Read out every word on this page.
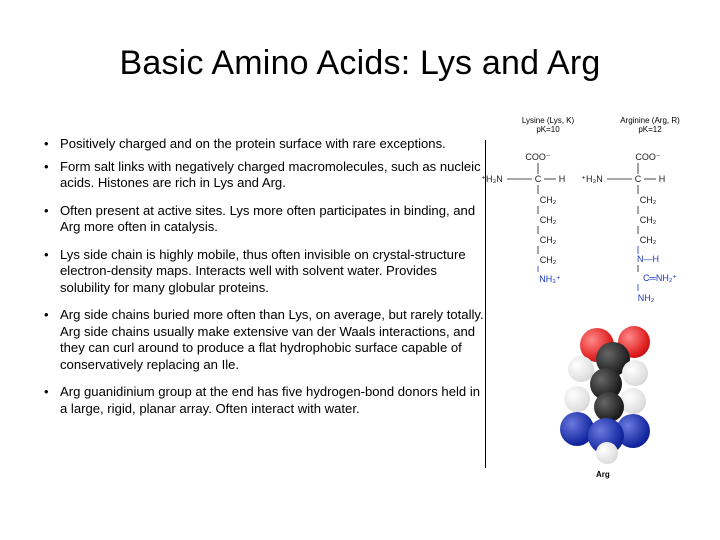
Basic Amino Acids: Lys and Arg
• Positively charged and on the protein surface with rare exceptions.
• Form salt links with negatively charged macromolecules, such as nucleic acids. Histones are rich in Lys and Arg.
• Often present at active sites. Lys more often participates in binding, and Arg more often in catalysis.
• Lys side chain is highly mobile, thus often invisible on crystal-structure electron-density maps. Interacts well with solvent water. Provides solubility for many globular proteins.
• Arg side chains buried more often than Lys, on average, but rarely totally. Arg side chains usually make extensive van der Waals interactions, and they can curl around to produce a flat hydrophobic surface capable of conservatively replacing an Ile.
• Arg guanidinium group at the end has five hydrogen-bond donors held in a large, rigid, planar array. Often interact with water.
Lysine (Lys, K)
pK=10
Arginine (Arg, R)
pK=12
COO⁻
⁺H₃N	C H
CH₂
CH₂
CH₂
CH₂
NH₃⁺
COO⁻
⁺H₃N	C H
CH₂
CH₂
CH₂
N—H
C═NH₂⁺
NH₂
Arg
